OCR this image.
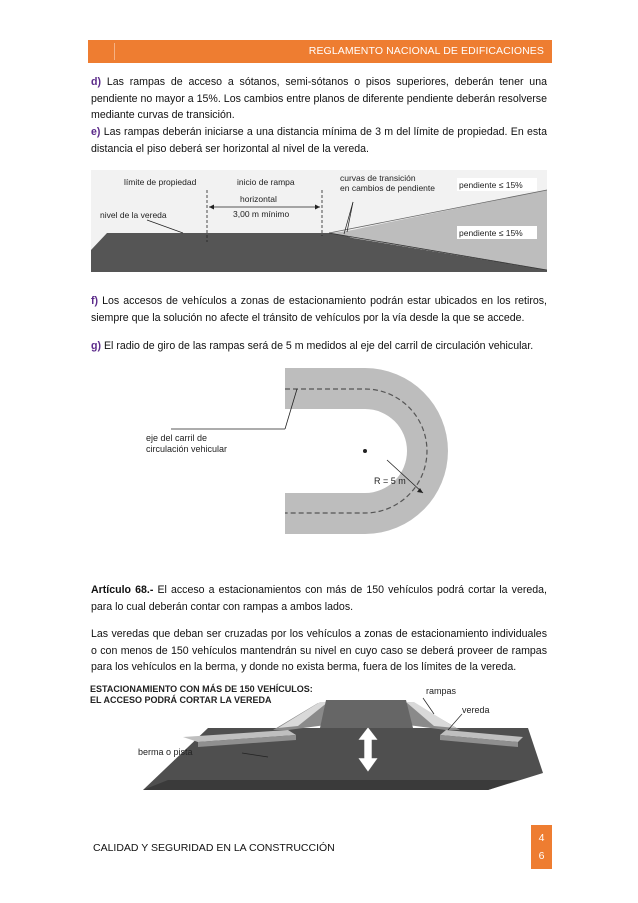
REGLAMENTO NACIONAL DE EDIFICACIONES
d) Las rampas de acceso a sótanos, semi-sótanos o pisos superiores, deberán tener una pendiente no mayor a 15%. Los cambios entre planos de diferente pendiente deberán resolverse mediante curvas de transición.
e) Las rampas deberán iniciarse a una distancia mínima de 3 m del límite de propiedad. En esta distancia el piso deberá ser horizontal al nivel de la vereda.
límite de propiedad	inicio de rampa	curvas de transición
en cambios de pendiente	pendiente ≤ 15%
horizontal
3,00 m mínimo
nivel de la vereda
pendiente ≤ 15%
f) Los accesos de vehículos a zonas de estacionamiento podrán estar ubicados en los retiros, siempre que la solución no afecte el tránsito de vehículos por la vía desde la que se accede.
g) El radio de giro de las rampas será de 5 m medidos al eje del carril de circulación vehicular.
eje del carril de
circulación vehicular
R = 5 m
Artículo 68.- El acceso a estacionamientos con más de 150 vehículos podrá cortar la vereda, para lo cual deberán contar con rampas a ambos lados.
Las veredas que deban ser cruzadas por los vehículos a zonas de estacionamiento individuales o con menos de 150 vehículos mantendrán su nivel en cuyo caso se deberá proveer de rampas para los vehículos en la berma, y donde no exista berma, fuera de los límites de la vereda.
ESTACIONAMIENTO CON MÁS DE 150 VEHÍCULOS:
EL ACCESO PODRÁ CORTAR LA VEREDA
rampas
vereda
berma o pista
CALIDAD Y SEGURIDAD EN LA CONSTRUCCIÓN
4
6
